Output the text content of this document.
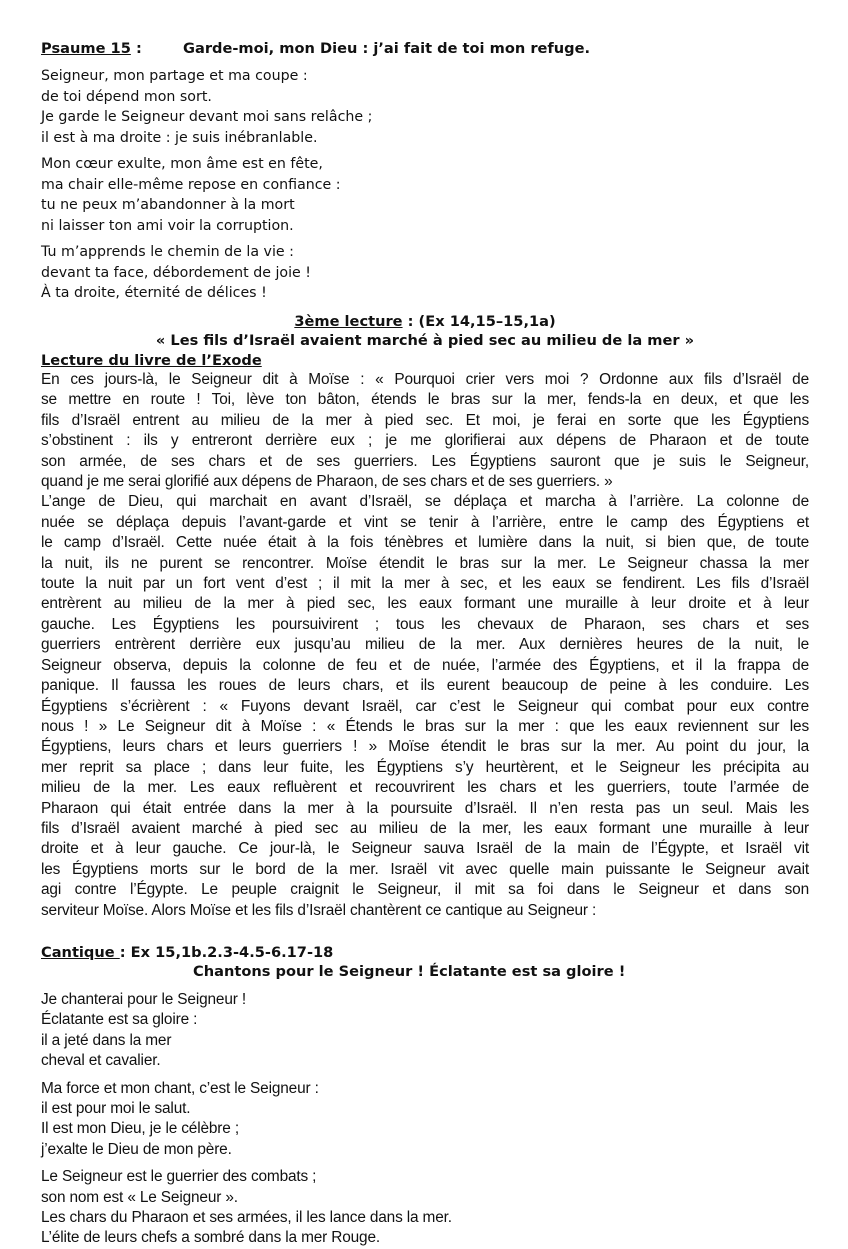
Psaume 15 :	Garde-moi, mon Dieu : j’ai fait de toi mon refuge.
Seigneur, mon partage et ma coupe :
de toi dépend mon sort.
Je garde le Seigneur devant moi sans relâche ;
il est à ma droite : je suis inébranlable.
Mon cœur exulte, mon âme est en fête,
ma chair elle-même repose en confiance :
tu ne peux m’abandonner à la mort
ni laisser ton ami voir la corruption.
Tu m’apprends le chemin de la vie :
devant ta face, débordement de joie !
À ta droite, éternité de délices !
3ème lecture : (Ex 14,15–15,1a)
« Les fils d’Israël avaient marché à pied sec au milieu de la mer »
Lecture du livre de l’Exode
En ces jours-là, le Seigneur dit à Moïse : « Pourquoi crier vers moi ? Ordonne aux fils d’Israël de
se mettre en route ! Toi, lève ton bâton, étends le bras sur la mer, fends-la en deux, et que les
fils d’Israël entrent au milieu de la mer à pied sec. Et moi, je ferai en sorte que les Égyptiens
s’obstinent : ils y entreront derrière eux ; je me glorifierai aux dépens de Pharaon et de toute
son armée, de ses chars et de ses guerriers. Les Égyptiens sauront que je suis le Seigneur,
quand je me serai glorifié aux dépens de Pharaon, de ses chars et de ses guerriers. »
L’ange de Dieu, qui marchait en avant d’Israël, se déplaça et marcha à l’arrière. La colonne de
nuée se déplaça depuis l’avant-garde et vint se tenir à l’arrière, entre le camp des Égyptiens et
le camp d’Israël. Cette nuée était à la fois ténèbres et lumière dans la nuit, si bien que, de toute
la nuit, ils ne purent se rencontrer. Moïse étendit le bras sur la mer. Le Seigneur chassa la mer
toute la nuit par un fort vent d’est ; il mit la mer à sec, et les eaux se fendirent. Les fils d’Israël
entrèrent au milieu de la mer à pied sec, les eaux formant une muraille à leur droite et à leur
gauche. Les Égyptiens les poursuivirent ; tous les chevaux de Pharaon, ses chars et ses
guerriers entrèrent derrière eux jusqu’au milieu de la mer. Aux dernières heures de la nuit, le
Seigneur observa, depuis la colonne de feu et de nuée, l’armée des Égyptiens, et il la frappa de
panique. Il faussa les roues de leurs chars, et ils eurent beaucoup de peine à les conduire. Les
Égyptiens s’écrièrent : « Fuyons devant Israël, car c’est le Seigneur qui combat pour eux contre
nous ! » Le Seigneur dit à Moïse : « Étends le bras sur la mer : que les eaux reviennent sur les
Égyptiens, leurs chars et leurs guerriers ! » Moïse étendit le bras sur la mer. Au point du jour, la
mer reprit sa place ; dans leur fuite, les Égyptiens s’y heurtèrent, et le Seigneur les précipita au
milieu de la mer. Les eaux refluèrent et recouvrirent les chars et les guerriers, toute l’armée de
Pharaon qui était entrée dans la mer à la poursuite d’Israël. Il n’en resta pas un seul. Mais les
fils d’Israël avaient marché à pied sec au milieu de la mer, les eaux formant une muraille à leur
droite et à leur gauche. Ce jour-là, le Seigneur sauva Israël de la main de l’Égypte, et Israël vit
les Égyptiens morts sur le bord de la mer. Israël vit avec quelle main puissante le Seigneur avait
agi contre l’Égypte. Le peuple craignit le Seigneur, il mit sa foi dans le Seigneur et dans son
serviteur Moïse. Alors Moïse et les fils d’Israël chantèrent ce cantique au Seigneur :
Cantique : Ex 15,1b.2.3-4.5-6.17-18
Chantons pour le Seigneur ! Éclatante est sa gloire !
Je chanterai pour le Seigneur !
Éclatante est sa gloire :
il a jeté dans la mer
cheval et cavalier.
Ma force et mon chant, c’est le Seigneur :
il est pour moi le salut.
Il est mon Dieu, je le célèbre ;
j’exalte le Dieu de mon père.
Le Seigneur est le guerrier des combats ;
son nom est « Le Seigneur ».
Les chars du Pharaon et ses armées, il les lance dans la mer.
L’élite de leurs chefs a sombré dans la mer Rouge.
